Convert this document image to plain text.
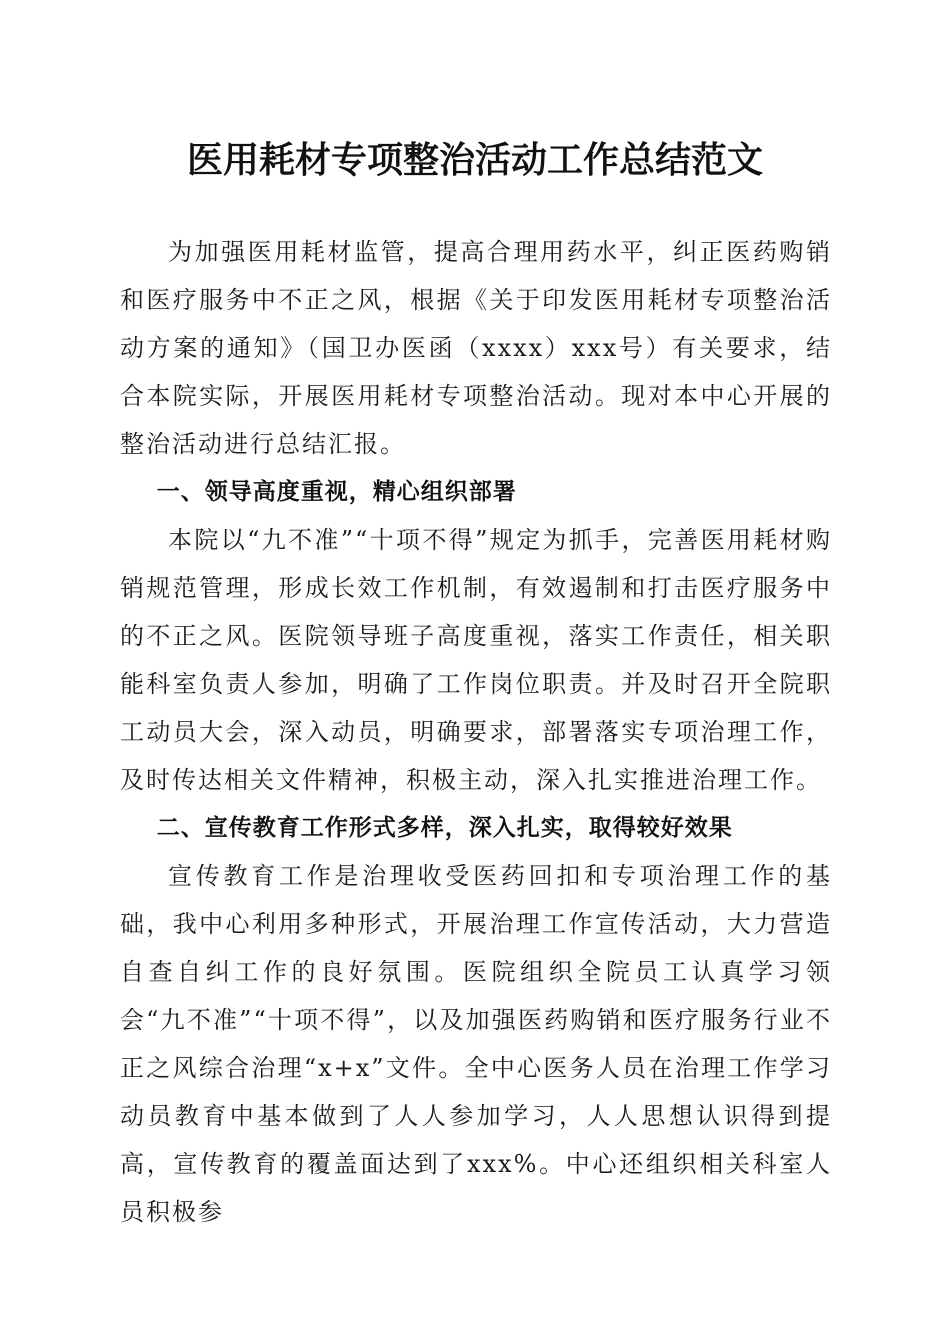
医用耗材专项整治活动工作总结范文

为加强医用耗材监管，提高合理用药水平，纠正医药购销和医疗服务中不正之风，根据《关于印发医用耗材专项整治活动方案的通知》（国卫办医函（xxxx）xxx号）有关要求，结合本院实际，开展医用耗材专项整治活动。现对本中心开展的整治活动进行总结汇报。

一、领导高度重视，精心组织部署

本院以“九不准”“十项不得”规定为抓手，完善医用耗材购销规范管理，形成长效工作机制，有效遏制和打击医疗服务中的不正之风。医院领导班子高度重视，落实工作责任，相关职能科室负责人参加，明确了工作岗位职责。并及时召开全院职工动员大会，深入动员，明确要求，部署落实专项治理工作，及时传达相关文件精神，积极主动，深入扎实推进治理工作。

二、宣传教育工作形式多样，深入扎实，取得较好效果

宣传教育工作是治理收受医药回扣和专项治理工作的基础，我中心利用多种形式，开展治理工作宣传活动，大力营造自查自纠工作的良好氛围。医院组织全院员工认真学习领会“九不准”“十项不得”，以及加强医药购销和医疗服务行业不正之风综合治理“x+x”文件。全中心医务人员在治理工作学习动员教育中基本做到了人人参加学习，人人思想认识得到提高，宣传教育的覆盖面达到了xxx%。中心还组织相关科室人员积极参
